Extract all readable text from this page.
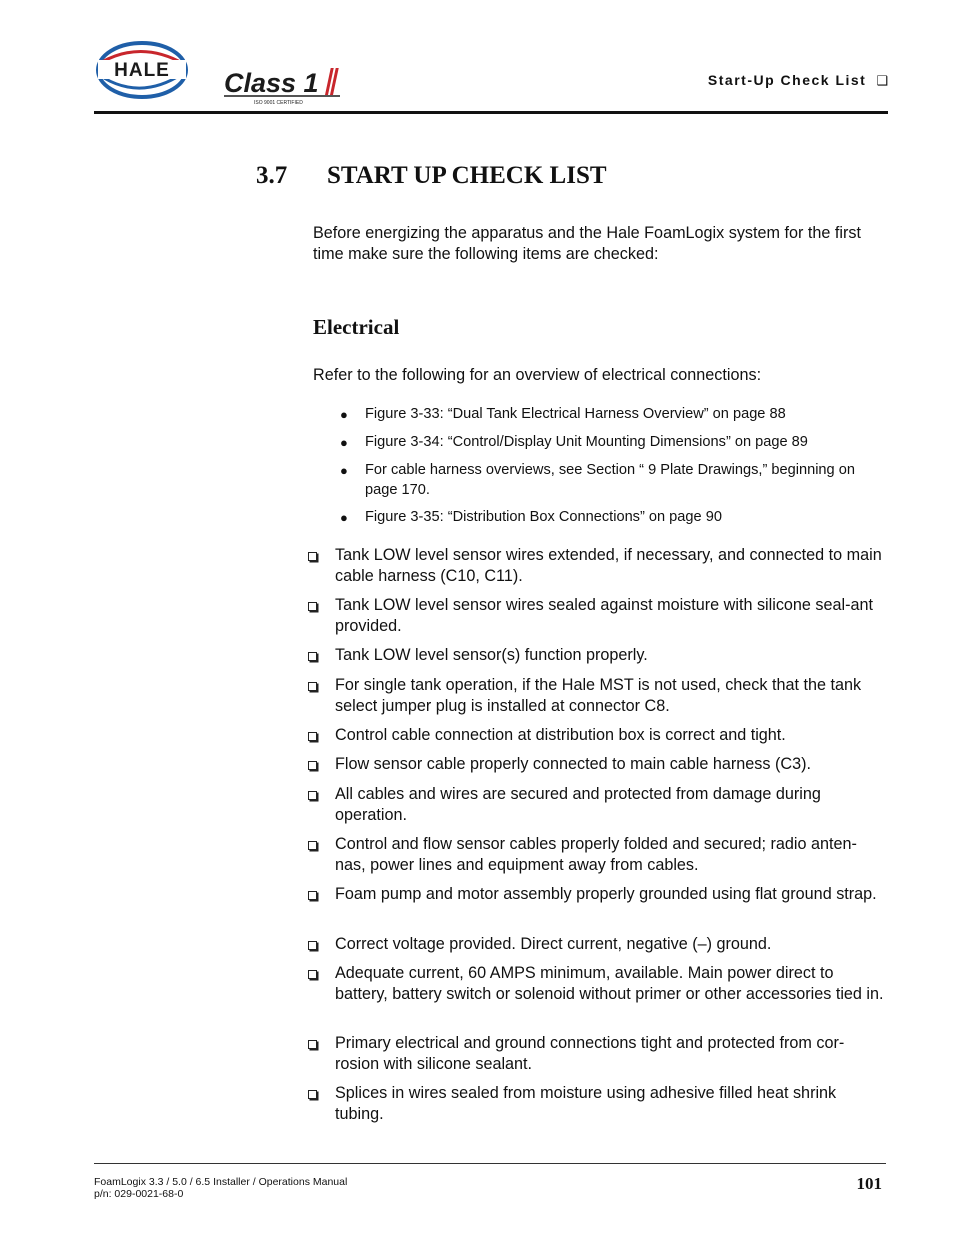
HALE Class 1
ISO 9001 CERTIFIED
Start-Up Check List ❑
3.7 START UP CHECK LIST
Before energizing the apparatus and the Hale FoamLogix system for the first time make sure the following items are checked:
Electrical
Refer to the following for an overview of electrical connections:
● Figure 3-33: “Dual Tank Electrical Harness Overview” on page 88
● Figure 3-34: “Control/Display Unit Mounting Dimensions” on page 89
● For cable harness overviews, see Section “ 9 Plate Drawings,” beginning on page 170.
● Figure 3-35: “Distribution Box Connections” on page 90
Tank LOW level sensor wires extended, if necessary, and connected to main cable harness (C10, C11).
Tank LOW level sensor wires sealed against moisture with silicone seal-ant provided.
Tank LOW level sensor(s) function properly.
For single tank operation, if the Hale MST is not used, check that the tank select jumper plug is installed at connector C8.
Control cable connection at distribution box is correct and tight.
Flow sensor cable properly connected to main cable harness (C3).
All cables and wires are secured and protected from damage during operation.
Control and flow sensor cables properly folded and secured; radio anten-nas, power lines and equipment away from cables.
Foam pump and motor assembly properly grounded using flat ground strap.
Correct voltage provided. Direct current, negative (–) ground.
Adequate current, 60 AMPS minimum, available. Main power direct to battery, battery switch or solenoid without primer or other accessories tied in.
Primary electrical and ground connections tight and protected from cor-rosion with silicone sealant.
Splices in wires sealed from moisture using adhesive filled heat shrink tubing.
FoamLogix 3.3 / 5.0 / 6.5 Installer / Operations Manual
p/n: 029-0021-68-0
101
